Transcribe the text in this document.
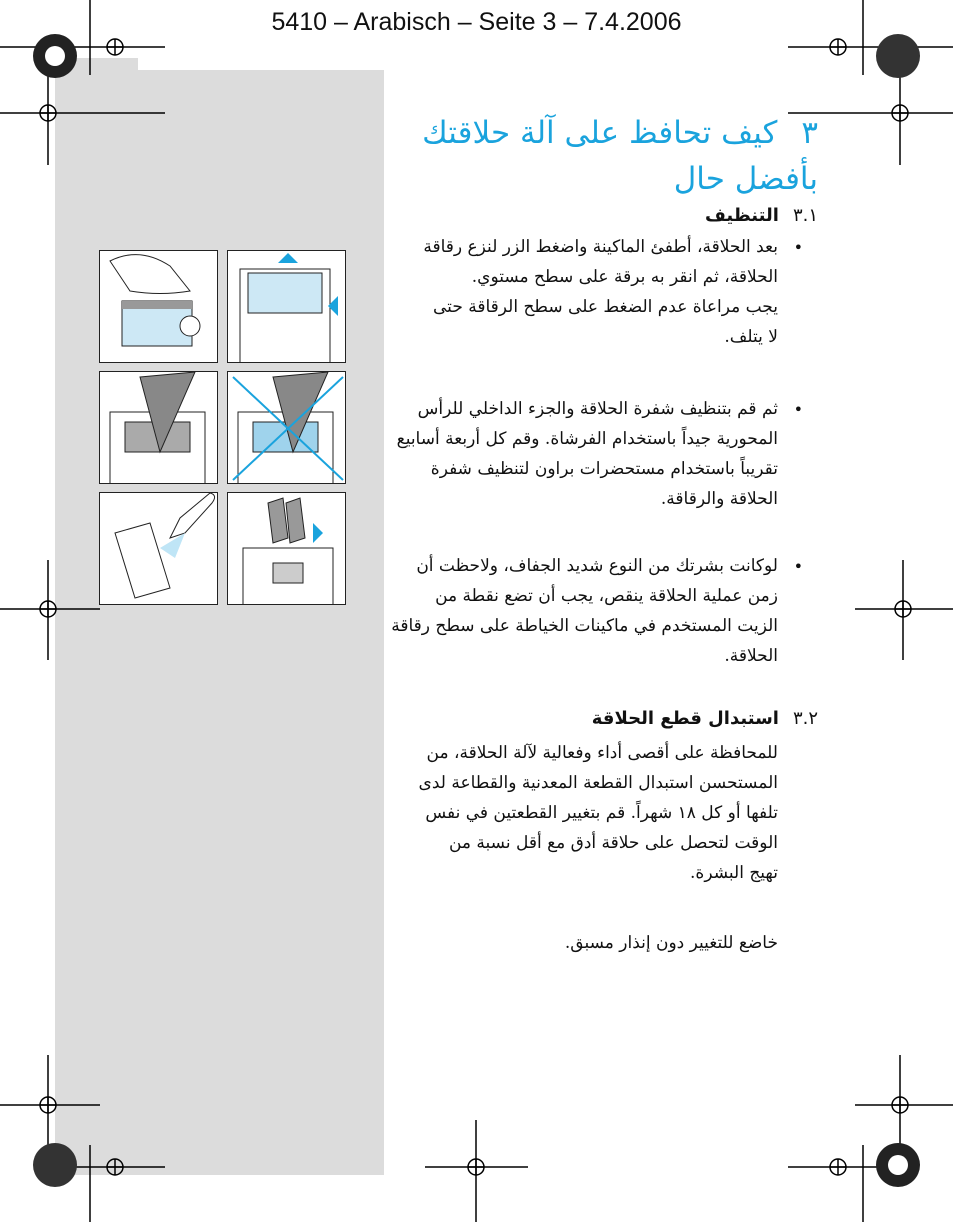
5410 – Arabisch – Seite 3 – 7.4.2006
٣كيف تحافظ على آلة حلاقتك
بأفضل حال
٣.١التنظيف
•
بعد الحلاقة، أطفئ الماكينة واضغط الزر لنزع رقاقة
الحلاقة، ثم انقر به برقة على سطح مستوي.
يجب مراعاة عدم الضغط على سطح الرقاقة حتى
لا يتلف.
•
ثم قم بتنظيف شفرة الحلاقة والجزء الداخلي للرأس
المحورية جيداً باستخدام الفرشاة. وقم كل أربعة أسابيع
تقريباً باستخدام مستحضرات براون لتنظيف شفرة
الحلاقة والرقاقة.
•
لوكانت بشرتك من النوع شديد الجفاف، ولاحظت أن
زمن عملية الحلاقة ينقص، يجب أن تضع نقطة من
الزيت المستخدم في ماكينات الخياطة على سطح رقاقة
الحلاقة.
٣.٢استبدال قطع الحلاقة
للمحافظة على أقصى أداء وفعالية لآلة الحلاقة، من
المستحسن استبدال القطعة المعدنية والقطاعة لدى
تلفها أو كل ١٨ شهراً. قم بتغيير القطعتين في نفس
الوقت لتحصل على حلاقة أدق مع أقل نسبة من
تهيج البشرة.
خاضع للتغيير دون إنذار مسبق.
